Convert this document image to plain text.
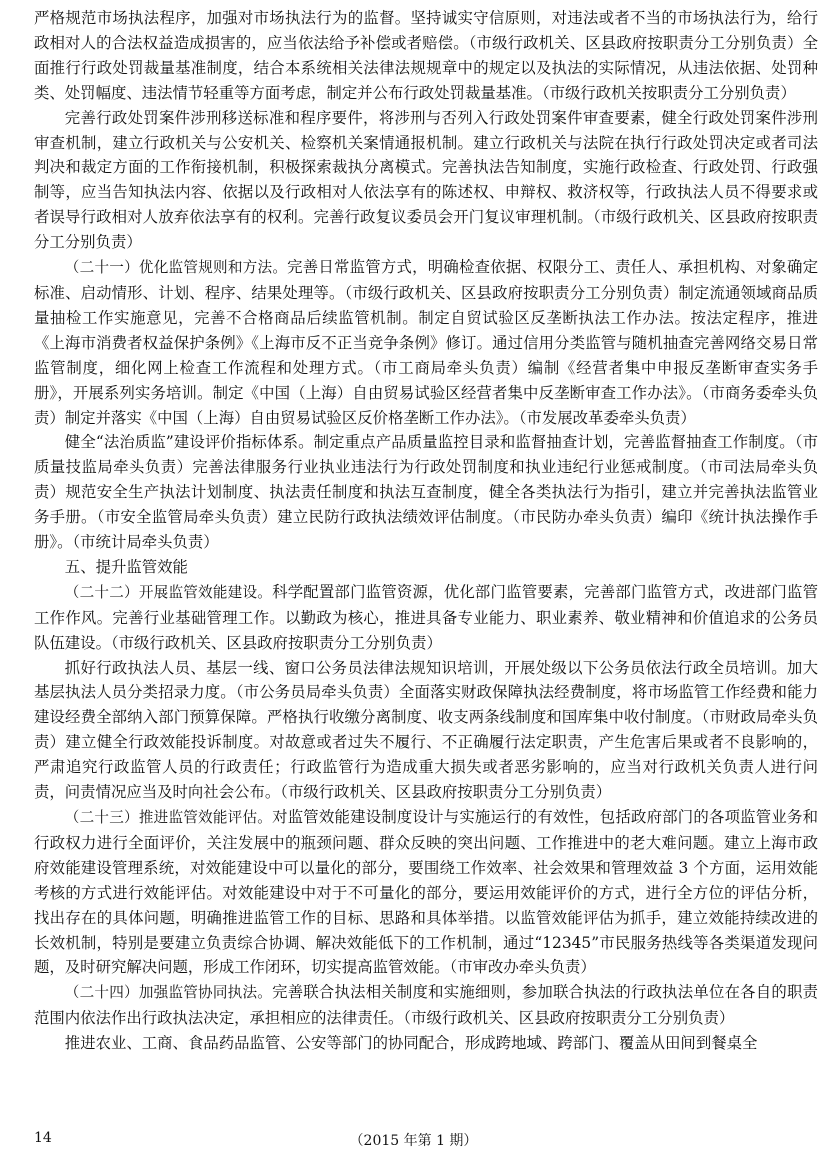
严格规范市场执法程序，加强对市场执法行为的监督。坚持诚实守信原则，对违法或者不当的市场执法行为，给行政相对人的合法权益造成损害的，应当依法给予补偿或者赔偿。（市级行政机关、区县政府按职责分工分别负责）全面推行行政处罚裁量基准制度，结合本系统相关法律法规规章中的规定以及执法的实际情况，从违法依据、处罚种类、处罚幅度、违法情节轻重等方面考虑，制定并公布行政处罚裁量基准。（市级行政机关按职责分工分别负责）

完善行政处罚案件涉刑移送标准和程序要件，将涉刑与否列入行政处罚案件审查要素，健全行政处罚案件涉刑审查机制，建立行政机关与公安机关、检察机关案情通报机制。建立行政机关与法院在执行行政处罚决定或者司法判决和裁定方面的工作衔接机制，积极探索裁执分离模式。完善执法告知制度，实施行政检查、行政处罚、行政强制等，应当告知执法内容、依据以及行政相对人依法享有的陈述权、申辩权、救济权等，行政执法人员不得要求或者误导行政相对人放弃依法享有的权利。完善行政复议委员会开门复议审理机制。（市级行政机关、区县政府按职责分工分别负责）

（二十一）优化监管规则和方法。完善日常监管方式，明确检查依据、权限分工、责任人、承担机构、对象确定标准、启动情形、计划、程序、结果处理等。（市级行政机关、区县政府按职责分工分别负责）制定流通领域商品质量抽检工作实施意见，完善不合格商品后续监管机制。制定自贸试验区反垄断执法工作办法。按法定程序，推进《上海市消费者权益保护条例》《上海市反不正当竞争条例》修订。通过信用分类监管与随机抽查完善网络交易日常监管制度，细化网上检查工作流程和处理方式。（市工商局牵头负责）编制《经营者集中申报反垄断审查实务手册》，开展系列实务培训。制定《中国（上海）自由贸易试验区经营者集中反垄断审查工作办法》。（市商务委牵头负责）制定并落实《中国（上海）自由贸易试验区反价格垄断工作办法》。（市发展改革委牵头负责）

健全“法治质监”建设评价指标体系。制定重点产品质量监控目录和监督抽查计划，完善监督抽查工作制度。（市质量技监局牵头负责）完善法律服务行业执业违法行为行政处罚制度和执业违纪行业惩戒制度。（市司法局牵头负责）规范安全生产执法计划制度、执法责任制度和执法互查制度，健全各类执法行为指引，建立并完善执法监管业务手册。（市安全监管局牵头负责）建立民防行政执法绩效评估制度。（市民防办牵头负责）编印《统计执法操作手册》。（市统计局牵头负责）

五、提升监管效能

（二十二）开展监管效能建设。科学配置部门监管资源，优化部门监管要素，完善部门监管方式，改进部门监管工作作风。完善行业基础管理工作。以勤政为核心，推进具备专业能力、职业素养、敬业精神和价值追求的公务员队伍建设。（市级行政机关、区县政府按职责分工分别负责）

抓好行政执法人员、基层一线、窗口公务员法律法规知识培训，开展处级以下公务员依法行政全员培训。加大基层执法人员分类招录力度。（市公务员局牵头负责）全面落实财政保障执法经费制度，将市场监管工作经费和能力建设经费全部纳入部门预算保障。严格执行收缴分离制度、收支两条线制度和国库集中收付制度。（市财政局牵头负责）建立健全行政效能投诉制度。对故意或者过失不履行、不正确履行法定职责，产生危害后果或者不良影响的，严肃追究行政监管人员的行政责任；行政监管行为造成重大损失或者恶劣影响的，应当对行政机关负责人进行问责，问责情况应当及时向社会公布。（市级行政机关、区县政府按职责分工分别负责）

（二十三）推进监管效能评估。对监管效能建设制度设计与实施运行的有效性，包括政府部门的各项监管业务和行政权力进行全面评价，关注发展中的瓶颈问题、群众反映的突出问题、工作推进中的老大难问题。建立上海市政府效能建设管理系统，对效能建设中可以量化的部分，要围绕工作效率、社会效果和管理效益 3 个方面，运用效能考核的方式进行效能评估。对效能建设中对于不可量化的部分，要运用效能评价的方式，进行全方位的评估分析，找出存在的具体问题，明确推进监管工作的目标、思路和具体举措。以监管效能评估为抓手，建立效能持续改进的长效机制，特别是要建立负责综合协调、解决效能低下的工作机制，通过“12345”市民服务热线等各类渠道发现问题，及时研究解决问题，形成工作闭环，切实提高监管效能。（市审改办牵头负责）

（二十四）加强监管协同执法。完善联合执法相关制度和实施细则，参加联合执法的行政执法单位在各自的职责范围内依法作出行政执法决定，承担相应的法律责任。（市级行政机关、区县政府按职责分工分别负责）

推进农业、工商、食品药品监管、公安等部门的协同配合，形成跨地域、跨部门、覆盖从田间到餐桌全

14	（2015 年第 1 期）
